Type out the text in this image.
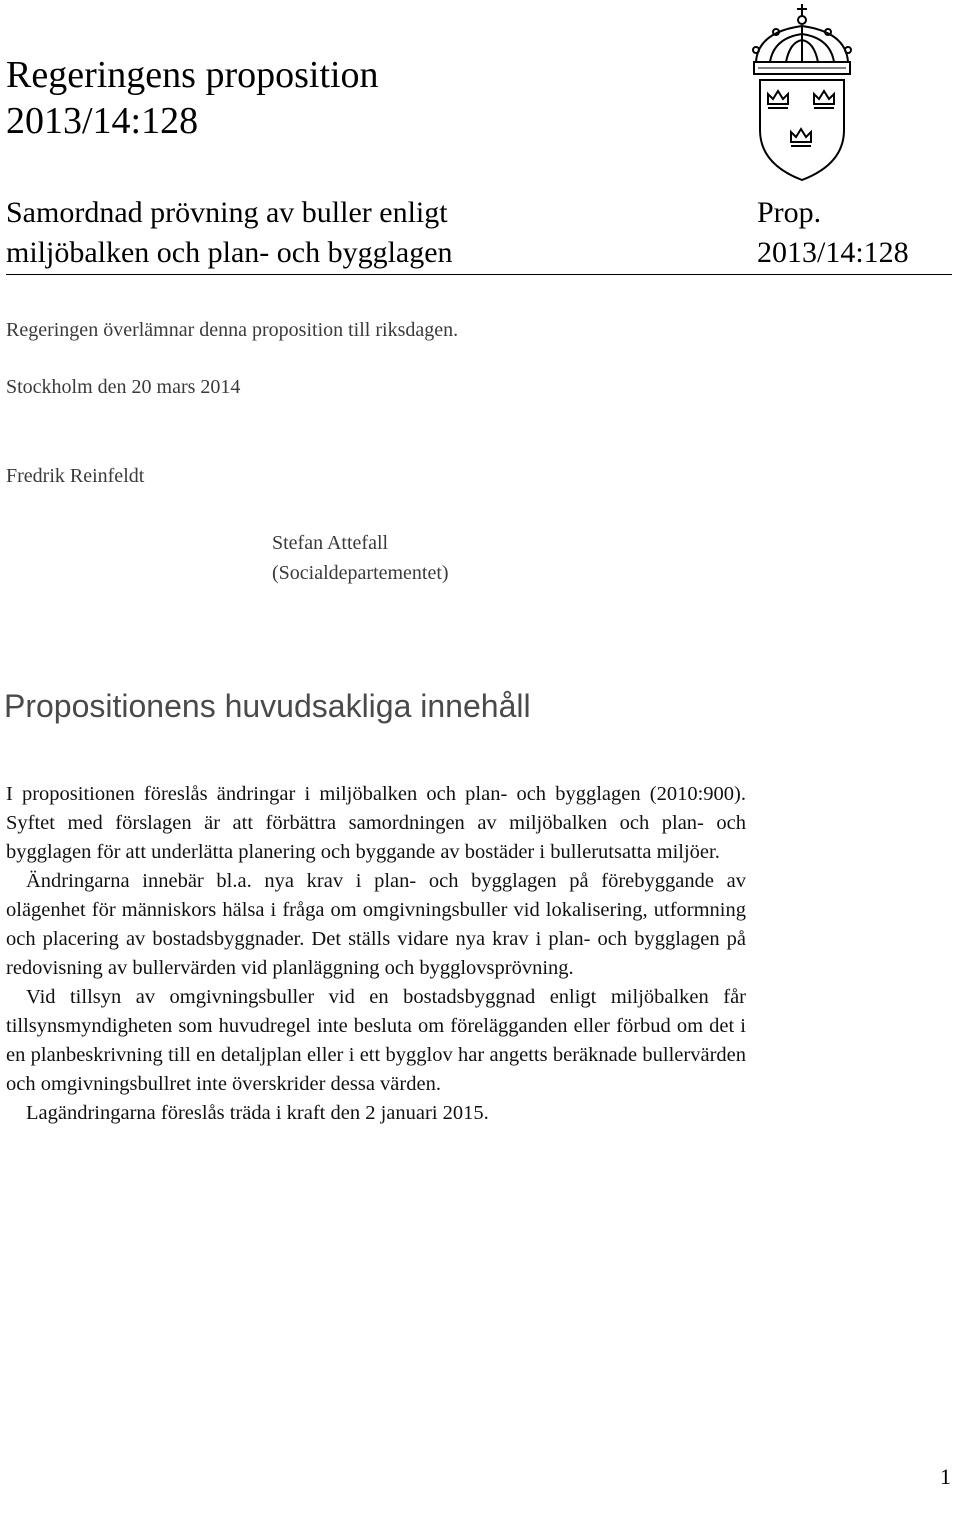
Regeringens proposition
2013/14:128
Samordnad prövning av buller enligt
miljöbalken och plan- och bygglagen
Prop.
2013/14:128
Regeringen överlämnar denna proposition till riksdagen.
Stockholm den 20 mars 2014
Fredrik Reinfeldt
Stefan Attefall
(Socialdepartementet)
Propositionens huvudsakliga innehåll

I propositionen föreslås ändringar i miljöbalken och plan- och bygglagen (2010:900). Syftet med förslagen är att förbättra samordningen av miljöbalken och plan- och bygglagen för att underlätta planering och byggande av bostäder i bullerutsatta miljöer.

Ändringarna innebär bl.a. nya krav i plan- och bygglagen på förebyggande av olägenhet för människors hälsa i fråga om omgivningsbuller vid lokalisering, utformning och placering av bostadsbyggnader. Det ställs vidare nya krav i plan- och bygglagen på redovisning av bullervärden vid planläggning och bygglovsprövning.

Vid tillsyn av omgivningsbuller vid en bostadsbyggnad enligt miljöbalken får tillsynsmyndigheten som huvudregel inte besluta om förelägganden eller förbud om det i en planbeskrivning till en detaljplan eller i ett bygglov har angetts beräknade bullervärden och omgivningsbullret inte överskrider dessa värden.

Lagändringarna föreslås träda i kraft den 2 januari 2015.

1
